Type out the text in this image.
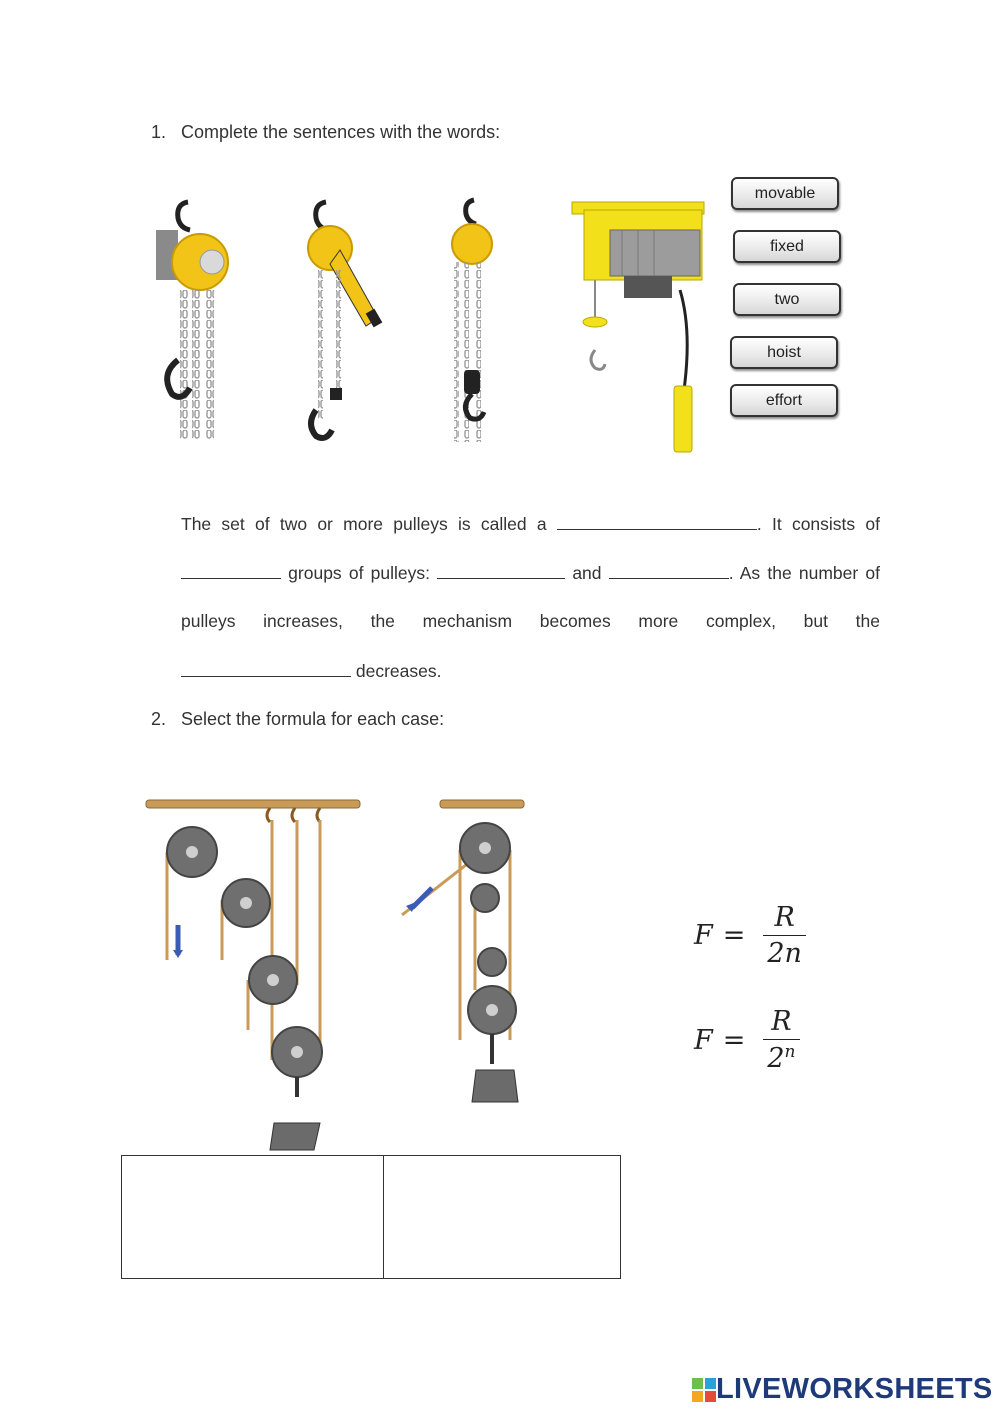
1. Complete the sentences with the words:
movable
fixed
two
hoist
effort
The set of two or more pulleys is called a	. It consists of
groups of pulleys:	and	. As the number of
pulleys increases, the mechanism becomes more complex, but the
decreases.
2. Select the formula for each case:
$F = \frac{R}{2n}$
$F = \frac{R}{2^n}$

LIVEWORKSHEETS
